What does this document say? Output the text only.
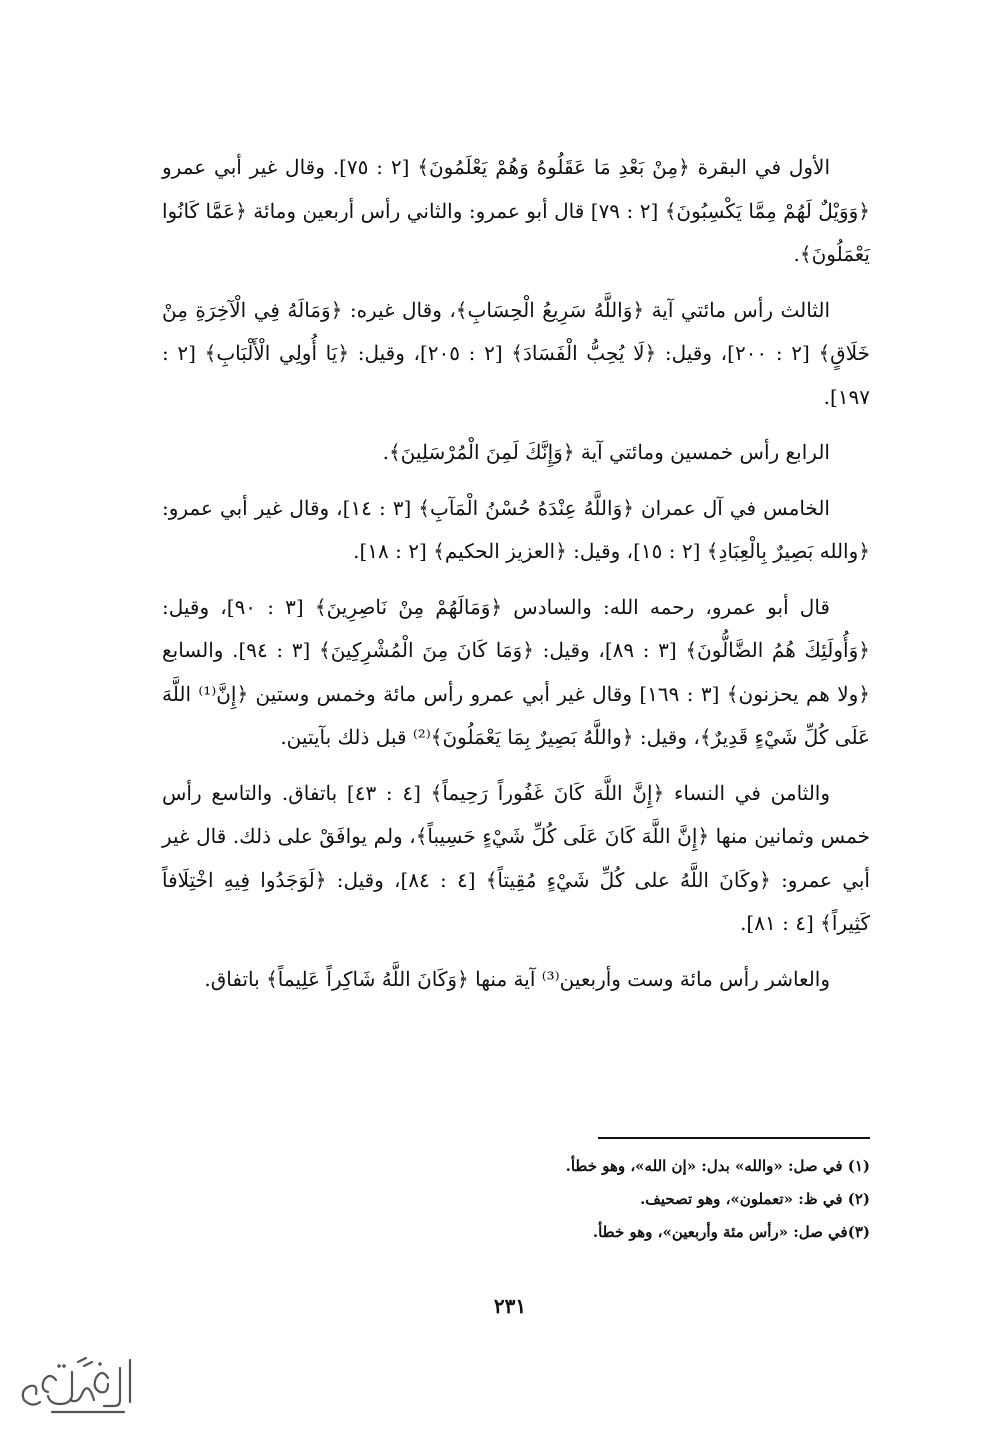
الأول في البقرة ﴿مِنْ بَعْدِ مَا عَقَلُوهُ وَهُمْ يَعْلَمُونَ﴾ [٢ : ٧٥]. وقال غير أبي عمرو ﴿وَوَيْلٌ لَهُمْ مِمَّا يَكْسِبُونَ﴾ [٢ : ٧٩] قال أبو عمرو: والثاني رأس أربعين ومائة ﴿عَمَّا كَانُوا يَعْمَلُونَ﴾.

الثالث رأس مائتي آية ﴿وَاللَّهُ سَرِيعُ الْحِسَابِ﴾، وقال غيره: ﴿وَمَالَهُ فِي الْآخِرَةِ مِنْ خَلَاقٍ﴾ [٢ : ٢٠٠]، وقيل: ﴿لَا يُحِبُّ الْفَسَادَ﴾ [٢ : ٢٠٥]، وقيل: ﴿يَا أُولِي الْأَلْبَابِ﴾ [٢ : ١٩٧].

الرابع رأس خمسين ومائتي آية ﴿وَإِنَّكَ لَمِنَ الْمُرْسَلِينَ﴾.

الخامس في آل عمران ﴿وَاللَّهُ عِنْدَهُ حُسْنُ الْمَآبِ﴾ [٣ : ١٤]، وقال غير أبي عمرو: ﴿والله بَصِيرٌ بِالْعِبَادِ﴾ [٢ : ١٥]، وقيل: ﴿العزيز الحكيم﴾ [٢ : ١٨].

قال أبو عمرو، رحمه الله: والسادس ﴿وَمَالَهُمْ مِنْ نَاصِرِينَ﴾ [٣ : ٩٠]، وقيل: ﴿وَأُولَئِكَ هُمُ الضَّالُّونَ﴾ [٣ : ٨٩]، وقيل: ﴿وَمَا كَانَ مِنَ الْمُشْرِكِينَ﴾ [٣ : ٩٤]. والسابع ﴿ولا هم يحزنون﴾ [٣ : ١٦٩] وقال غير أبي عمرو رأس مائة وخمس وستين ﴿إِنَّ⁽¹⁾ اللَّهَ عَلَى كُلِّ شَيْءٍ قَدِيرٌ﴾، وقيل: ﴿واللَّهُ بَصِيرٌ بِمَا يَعْمَلُونَ﴾⁽²⁾ قبل ذلك بآيتين.

والثامن في النساء ﴿إِنَّ اللَّهَ كَانَ غَفُوراً رَحِيماً﴾ [٤ : ٤٣] باتفاق. والتاسع رأس خمس وثمانين منها ﴿إِنَّ اللَّهَ كَانَ عَلَى كُلِّ شَيْءٍ حَسِيباً﴾، ولم يوافَقْ على ذلك. قال غير أبي عمرو: ﴿وكَانَ اللَّهُ على كُلِّ شَيْءٍ مُقِيتاً﴾ [٤ : ٨٤]، وقيل: ﴿لَوَجَدُوا فِيهِ اخْتِلَافاً كَثِيراً﴾ [٤ : ٨١].

والعاشر رأس مائة وست وأربعين⁽³⁾ آية منها ﴿وَكَانَ اللَّهُ شَاكِراً عَلِيماً﴾ باتفاق.

(١) في صل: «والله» بدل: «إن الله»، وهو خطأ.

(٢) في ظ: «تعملون»، وهو تصحيف.

(٣)في صل: «رأس مئة وأربعين»، وهو خطأ.

٢٣١
